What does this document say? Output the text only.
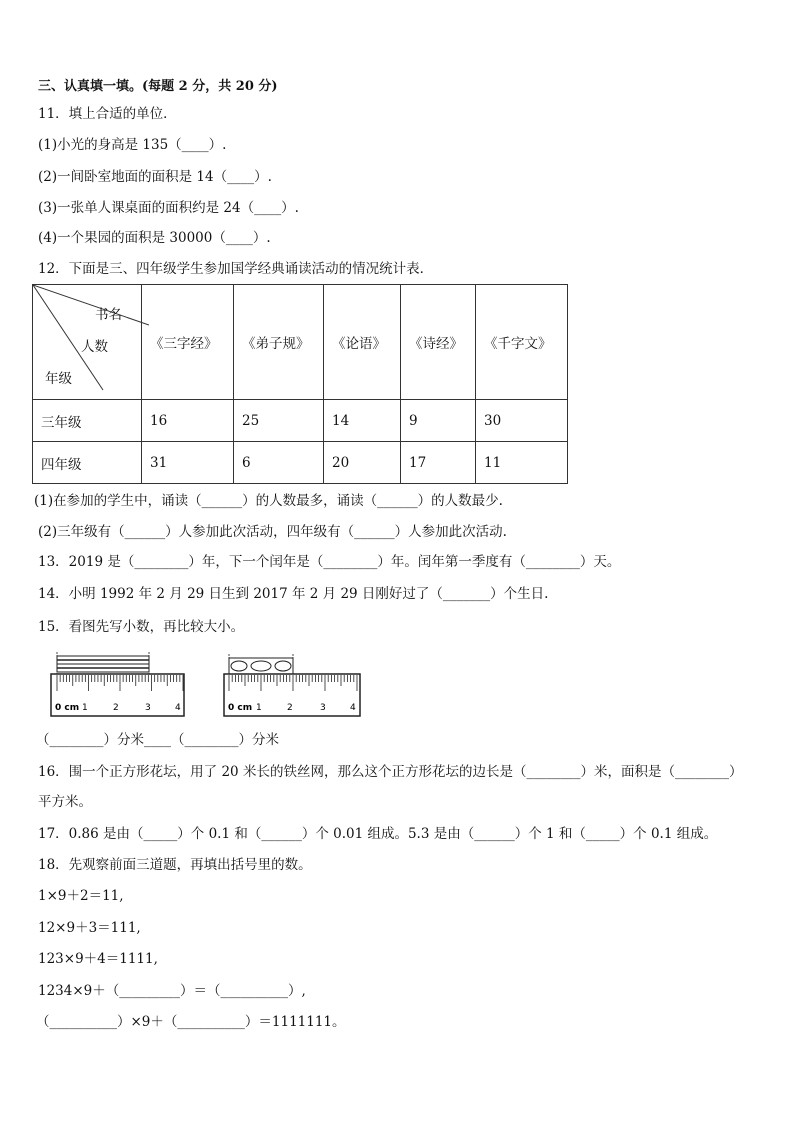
三、认真填一填。(每题 2 分，共 20 分)
11．填上合适的单位．
(1)小光的身高是 135（____）.
(2)一间卧室地面的面积是 14（____）.
(3)一张单人课桌面的面积约是 24（____）.
(4)一个果园的面积是 30000（____）.
12．下面是三、四年级学生参加国学经典诵读活动的情况统计表．
书名
人数
年级	《三字经》	《弟子规》	《论语》	《诗经》	《千字文》
三年级	16	25	14	9	30
四年级	31	6	20	17	11
(1)在参加的学生中，诵读（______）的人数最多，诵读（______）的人数最少.
(2)三年级有（______）人参加此次活动，四年级有（______）人参加此次活动.
13．2019 是（________）年，下一个闰年是（________）年。闰年第一季度有（________）天。
14．小明 1992 年 2 月 29 日生到 2017 年 2 月 29 日刚好过了（_______）个生日.
15．看图先写小数，再比较大小。
0 cm 1	2	3	4	0 cm 1	2	3	4
（________）分米____（________）分米
16．围一个正方形花坛，用了 20 米长的铁丝网，那么这个正方形花坛的边长是（________）米，面积是（________）
平方米。
17．0.86 是由（_____）个 0.1 和（______）个 0.01 组成。5.3 是由（______）个 1 和（_____）个 0.1 组成。
18．先观察前面三道题，再填出括号里的数。
1×9＋2＝11,
12×9＋3＝111,
123×9＋4＝1111,
1234×9＋（_________）＝（__________）,
（__________）×9＋（__________）＝1111111。
